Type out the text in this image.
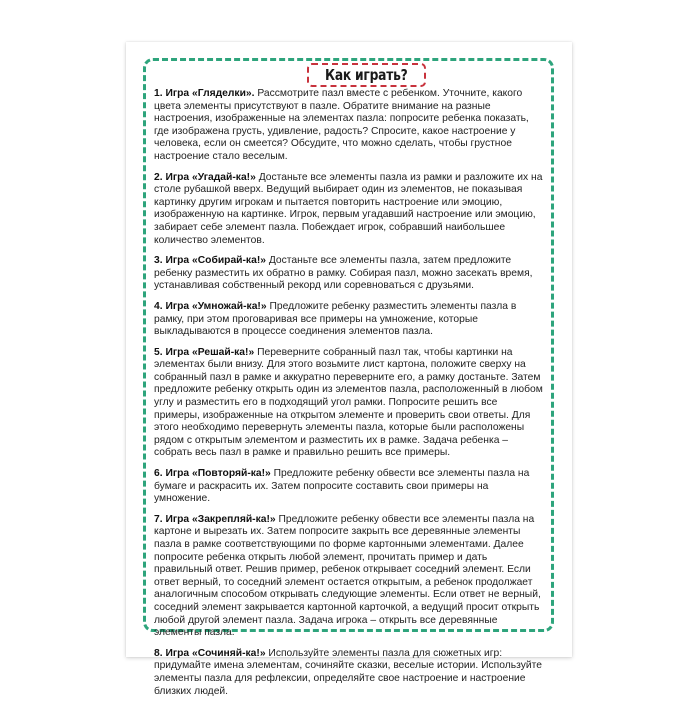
Как играть?

1. Игра «Гляделки». Рассмотрите пазл вместе с ребенком. Уточните, какого цвета элементы присутствуют в пазле. Обратите внимание на разные настроения, изображенные на элементах пазла: попросите ребенка показать, где изображена грусть, удивление, радость? Спросите, какое настроение у человека, если он смеется? Обсудите, что можно сделать, чтобы грустное настроение стало веселым.

2. Игра «Угадай-ка!» Достаньте все элементы пазла из рамки и разложите их на столе рубашкой вверх. Ведущий выбирает один из элементов, не показывая картинку другим игрокам и пытается повторить настроение или эмоцию, изображенную на картинке. Игрок, первым угадавший настроение или эмоцию, забирает себе элемент пазла. Побеждает игрок, собравший наибольшее количество элементов.

3. Игра «Собирай-ка!» Достаньте все элементы пазла, затем предложите ребенку разместить их обратно в рамку. Собирая пазл, можно засекать время, устанавливая собственный рекорд или соревноваться с друзьями.

4. Игра «Умножай-ка!» Предложите ребенку разместить элементы пазла в рамку, при этом проговаривая все примеры на умножение, которые выкладываются в процессе соединения элементов пазла.

5. Игра «Решай-ка!» Переверните собранный пазл так, чтобы картинки на элементах были внизу. Для этого возьмите лист картона, положите сверху на собранный пазл в рамке и аккуратно переверните его, а рамку достаньте. Затем предложите ребенку открыть один из элементов пазла, расположенный в любом углу и разместить его в подходящий угол рамки. Попросите решить все примеры, изображенные на открытом элементе и проверить свои ответы. Для этого необходимо перевернуть элементы пазла, которые были расположены рядом с открытым элементом и разместить их в рамке. Задача ребенка – собрать весь пазл в рамке и правильно решить все примеры.

6. Игра «Повторяй-ка!» Предложите ребенку обвести все элементы пазла на бумаге и раскрасить их. Затем попросите составить свои примеры на умножение.

7. Игра «Закрепляй-ка!» Предложите ребенку обвести все элементы пазла на картоне и вырезать их. Затем попросите закрыть все деревянные элементы пазла в рамке соответствующими по форме картонными элементами. Далее попросите ребенка открыть любой элемент, прочитать пример и дать правильный ответ. Решив пример, ребенок открывает соседний элемент. Если ответ верный, то соседний элемент остается открытым, а ребенок продолжает аналогичным способом открывать следующие элементы. Если ответ не верный, соседний элемент закрывается картонной карточкой, а ведущий просит открыть любой другой элемент пазла. Задача игрока – открыть все деревянные элементы пазла.

8. Игра «Сочиняй-ка!» Используйте элементы пазла для сюжетных игр: придумайте имена элементам, сочиняйте сказки, веселые истории. Используйте элементы пазла для рефлексии, определяйте свое настроение и настроение близких людей.
